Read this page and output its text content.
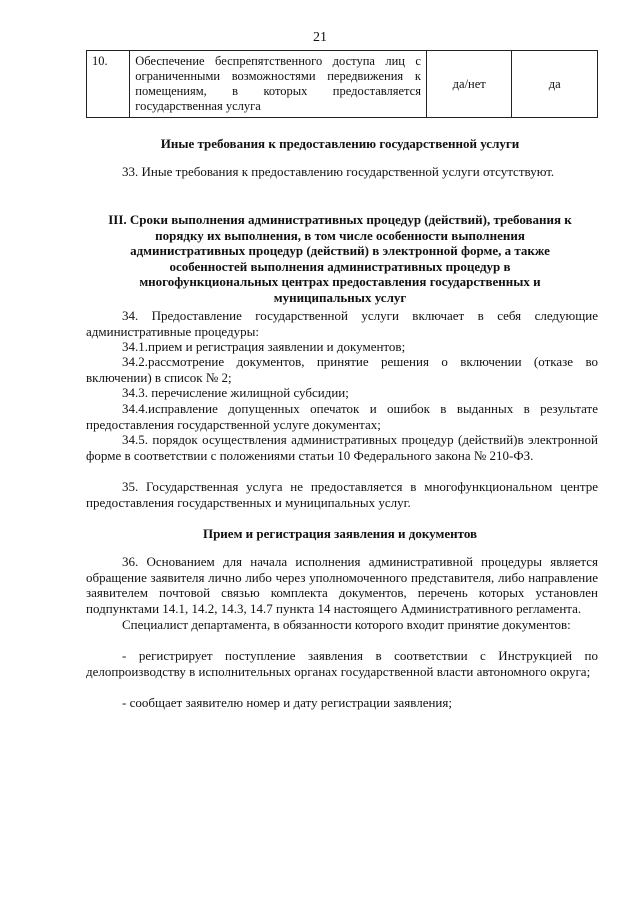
21
10.	Обеспечение беспрепятственного доступа лиц с ограниченными возможностями передвижения к помещениям, в которых предоставляется государственная услуга	да/нет	да
Иные требования к предоставлению государственной услуги
33. Иные требования к предоставлению государственной услуги отсутствуют.
III. Сроки выполнения административных процедур (действий), требования к порядку их выполнения, в том числе особенности выполнения административных процедур (действий) в электронной форме, а также особенностей выполнения административных процедур в многофункциональных центрах предоставления государственных и муниципальных услуг
34. Предоставление государственной услуги включает в себя следующие административные процедуры:
34.1.прием и регистрация заявлении и документов;
34.2.рассмотрение документов, принятие решения о включении (отказе во включении) в список № 2;
34.3. перечисление жилищной субсидии;
34.4.исправление допущенных опечаток и ошибок в выданных в результате предоставления государственной услуге документах;
34.5. порядок осуществления административных процедур (действий)в электронной форме в соответствии с положениями статьи 10 Федерального закона № 210-ФЗ.
35. Государственная услуга не предоставляется в многофункциональном центре предоставления государственных и муниципальных услуг.
Прием и регистрация заявления и документов
36. Основанием для начала исполнения административной процедуры является обращение заявителя лично либо через уполномоченного представителя, либо направление заявителем почтовой связью комплекта документов, перечень которых установлен подпунктами 14.1, 14.2, 14.3, 14.7 пункта 14 настоящего Административного регламента.
Специалист департамента, в обязанности которого входит принятие документов:
- регистрирует поступление заявления в соответствии с Инструкцией по делопроизводству в исполнительных органах государственной власти автономного округа;
- сообщает заявителю номер и дату регистрации заявления;
